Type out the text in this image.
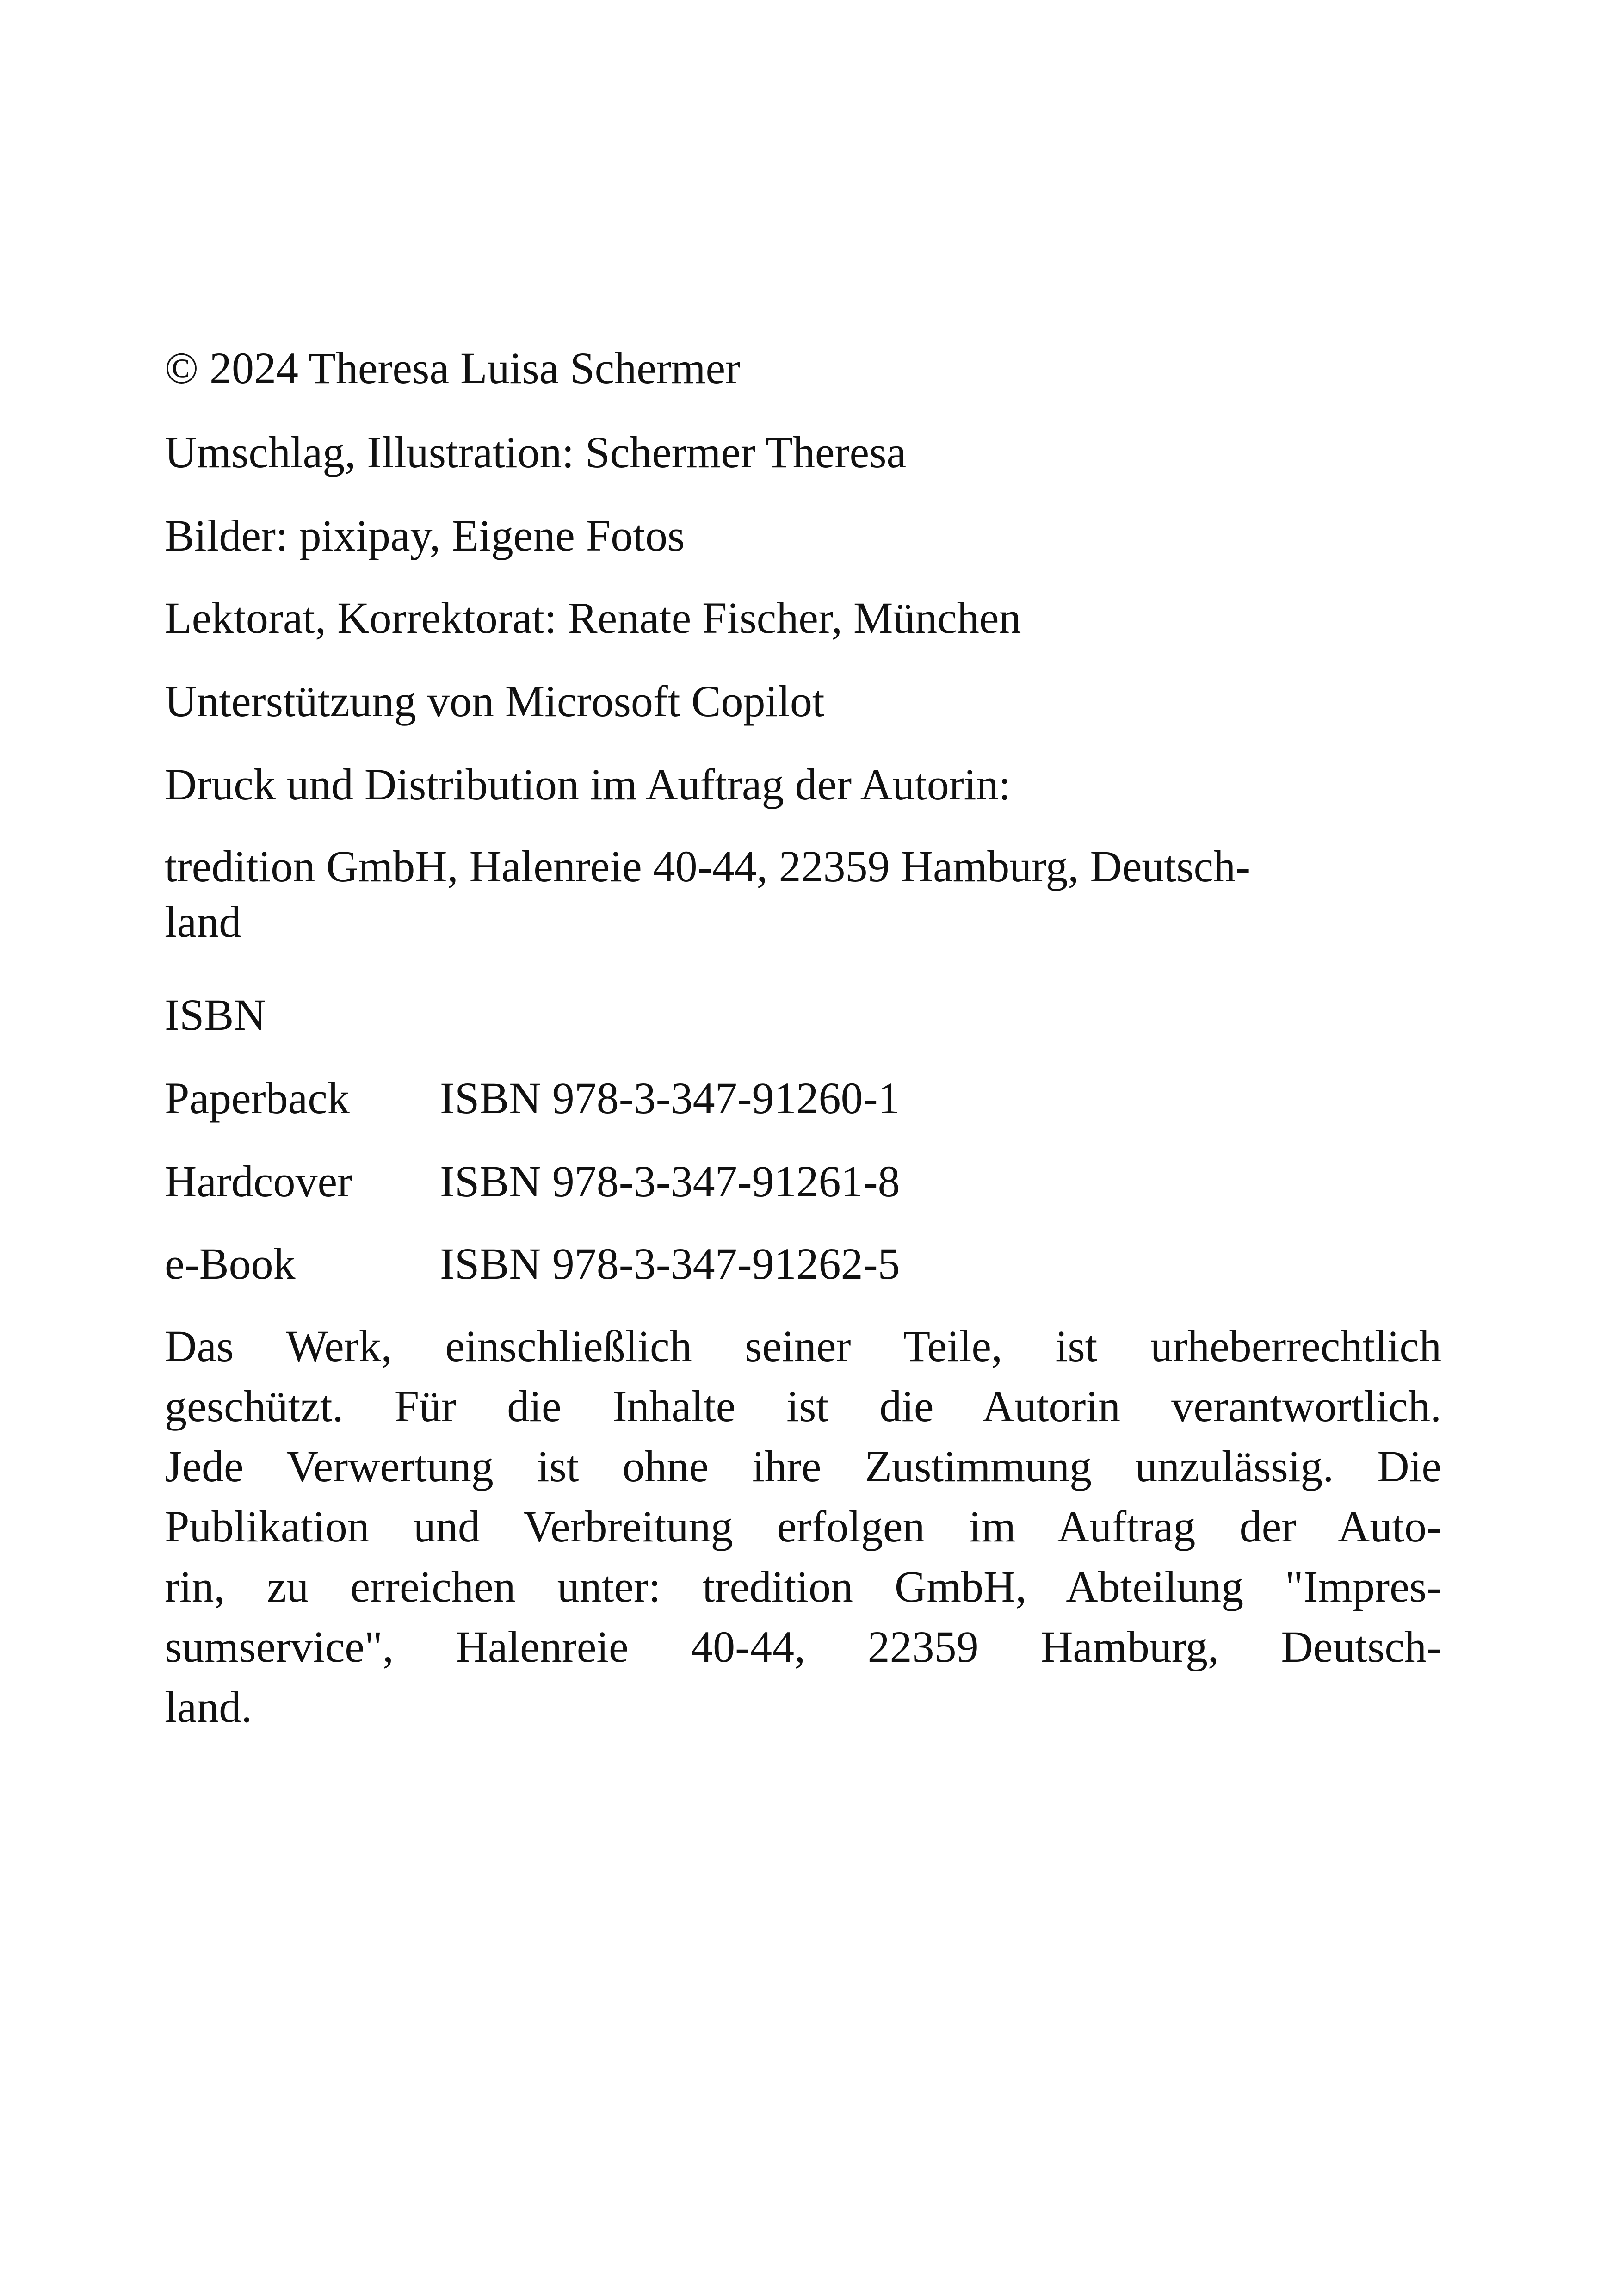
© 2024 Theresa Luisa Schermer

Umschlag, Illustration: Schermer Theresa

Bilder: pixipay, Eigene Fotos

Lektorat, Korrektorat: Renate Fischer, München

Unterstützung von Microsoft Copilot

Druck und Distribution im Auftrag der Autorin:

tredition GmbH, Halenreie 40-44, 22359 Hamburg, Deutsch-
land

ISBN

Paperback	ISBN 978-3-347-91260-1
Hardcover	ISBN 978-3-347-91261-8
e-Book	ISBN 978-3-347-91262-5
Das Werk, einschließlich seiner Teile, ist urheberrechtlich
geschützt. Für die Inhalte ist die Autorin verantwortlich.
Jede Verwertung ist ohne ihre Zustimmung unzulässig. Die
Publikation und Verbreitung erfolgen im Auftrag der Auto-
rin, zu erreichen unter: tredition GmbH, Abteilung "Impres-
sumservice", Halenreie 40-44, 22359 Hamburg, Deutsch-
land.
